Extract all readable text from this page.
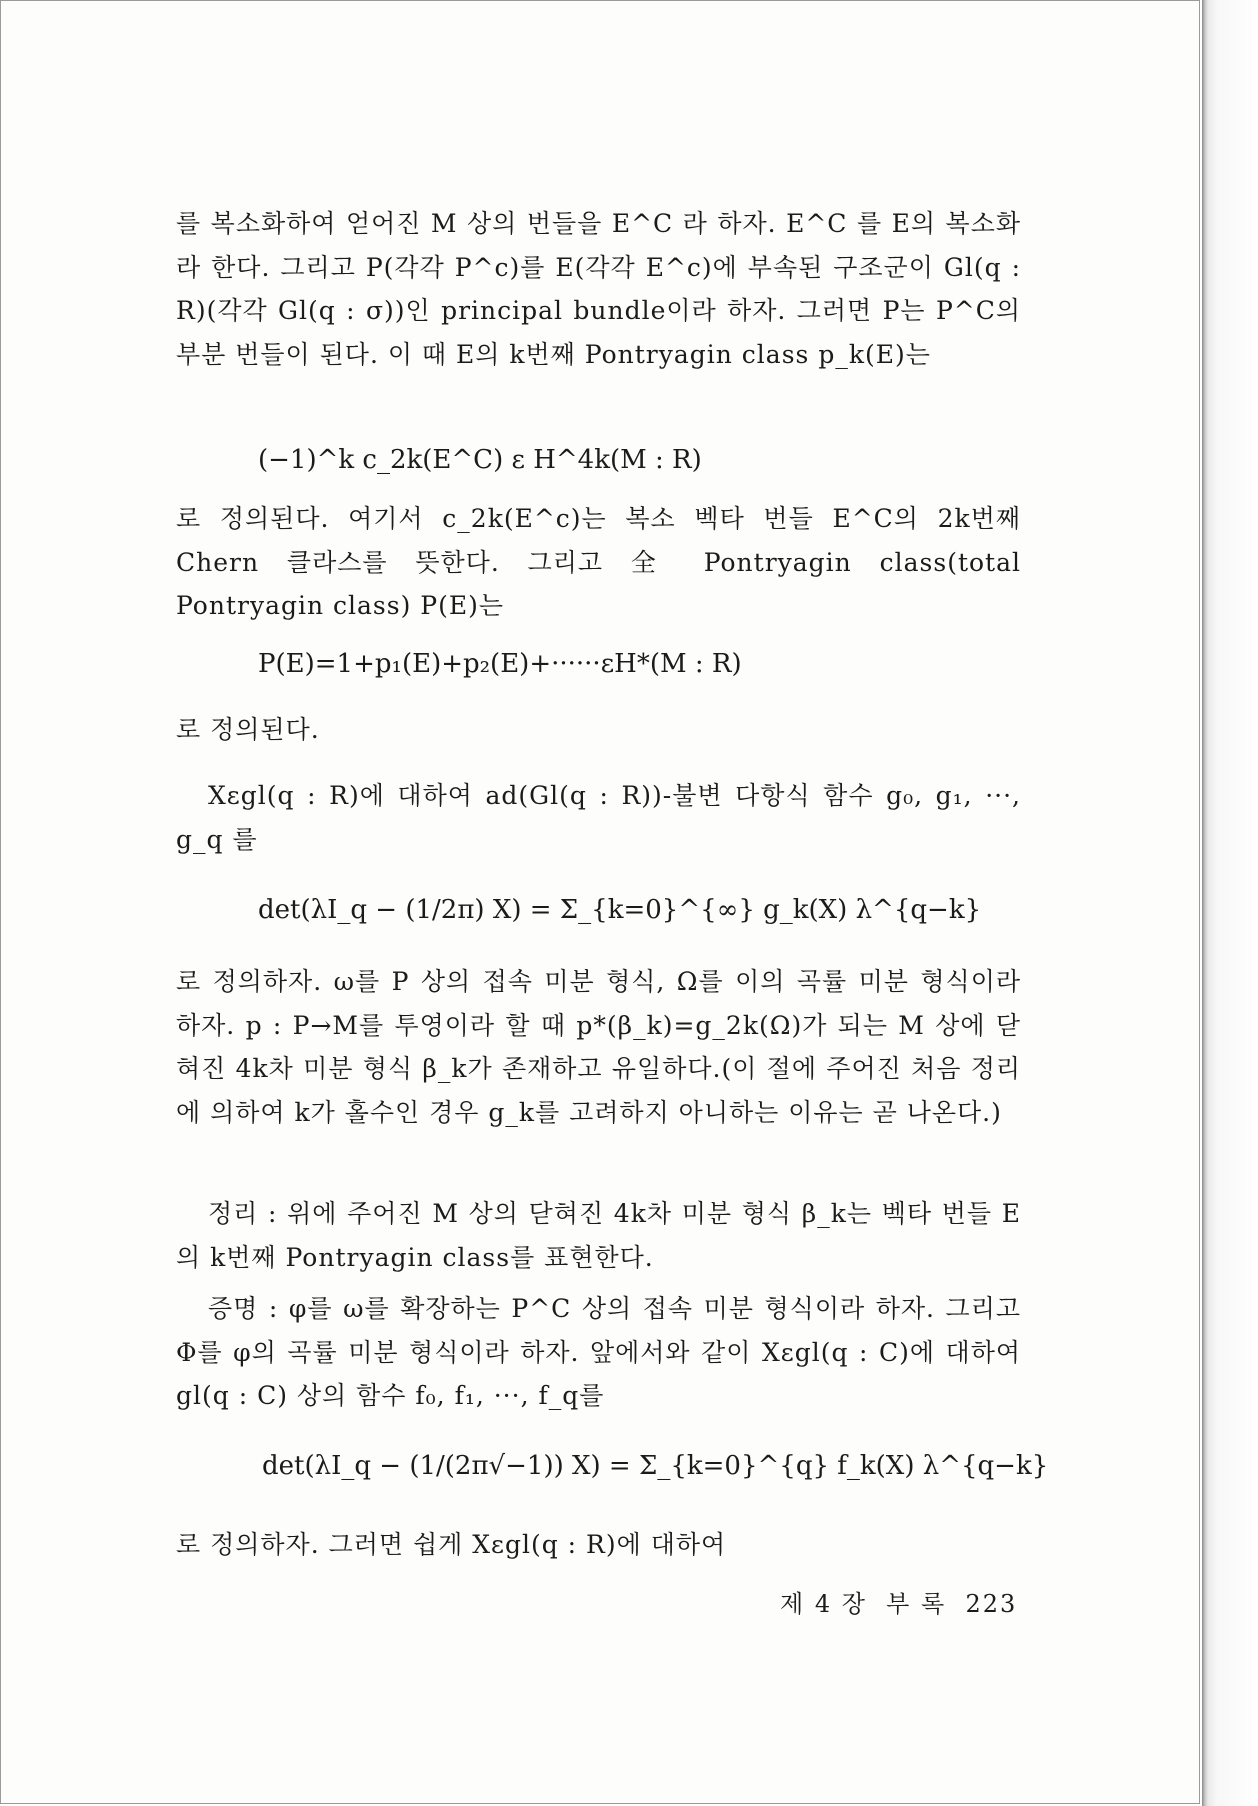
를 복소화하여 얻어진 M 상의 번들을 E^C 라 하자. E^C 를 E의 복소화라 한다. 그리고 P(각각 P^c)를 E(각각 E^c)에 부속된 구조군이 Gl(q : R)(각각 Gl(q : σ))인 principal bundle이라 하자. 그러면 P는 P^C의 부분 번들이 된다. 이 때 E의 k번째 Pontryagin class p_k(E)는

(−1)^k c_2k(E^C) ε H^4k(M : R)

로 정의된다. 여기서 c_2k(E^c)는 복소 벡타 번들 E^C의 2k번째 Chern 클라스를 뜻한다. 그리고 全 Pontryagin class(total Pontryagin class) P(E)는

P(E)=1+p₁(E)+p₂(E)+······εH*(M : R)

로 정의된다.

Xεgl(q : R)에 대하여 ad(Gl(q : R))-불변 다항식 함수 g₀, g₁, ···, g_q 를

det(λI_q − (1/2π) X) = Σ_{k=0}^{∞} g_k(X) λ^{q−k}

로 정의하자. ω를 P 상의 접속 미분 형식, Ω를 이의 곡률 미분 형식이라 하자. p : P→M를 투영이라 할 때 p*(β_k)=g_2k(Ω)가 되는 M 상에 닫혀진 4k차 미분 형식 β_k가 존재하고 유일하다.(이 절에 주어진 처음 정리에 의하여 k가 홀수인 경우 g_k를 고려하지 아니하는 이유는 곧 나온다.)

정리 : 위에 주어진 M 상의 닫혀진 4k차 미분 형식 β_k는 벡타 번들 E의 k번째 Pontryagin class를 표현한다.

증명 : φ를 ω를 확장하는 P^C 상의 접속 미분 형식이라 하자. 그리고 Φ를 φ의 곡률 미분 형식이라 하자. 앞에서와 같이 Xεgl(q : C)에 대하여 gl(q : C) 상의 함수 f₀, f₁, ···, f_q를

det(λI_q − (1/(2π√−1)) X) = Σ_{k=0}^{q} f_k(X) λ^{q−k}

로 정의하자. 그러면 쉽게 Xεgl(q : R)에 대하여

제 4 장 부 록 223
